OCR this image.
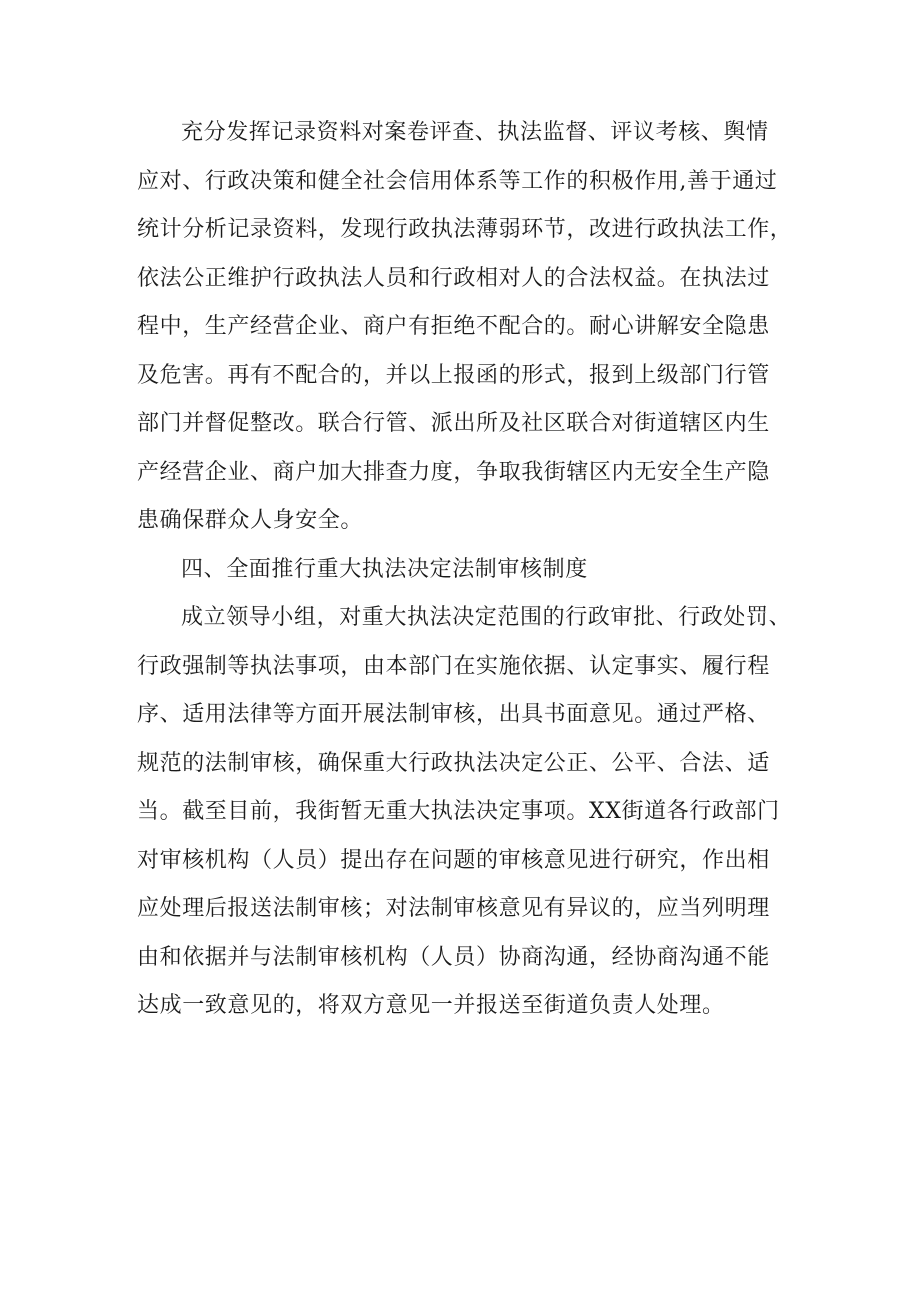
充分发挥记录资料对案卷评查、执法监督、评议考核、舆情
应对、行政决策和健全社会信用体系等工作的积极作用,善于通过
统计分析记录资料，发现行政执法薄弱环节，改进行政执法工作，
依法公正维护行政执法人员和行政相对人的合法权益。在执法过
程中，生产经营企业、商户有拒绝不配合的。耐心讲解安全隐患
及危害。再有不配合的，并以上报函的形式，报到上级部门行管
部门并督促整改。联合行管、派出所及社区联合对街道辖区内生
产经营企业、商户加大排查力度，争取我街辖区内无安全生产隐
患确保群众人身安全。
四、全面推行重大执法决定法制审核制度
成立领导小组，对重大执法决定范围的行政审批、行政处罚、
行政强制等执法事项，由本部门在实施依据、认定事实、履行程
序、适用法律等方面开展法制审核，出具书面意见。通过严格、
规范的法制审核，确保重大行政执法决定公正、公平、合法、适
当。截至目前，我街暂无重大执法决定事项。XX街道各行政部门
对审核机构（人员）提出存在问题的审核意见进行研究，作出相
应处理后报送法制审核；对法制审核意见有异议的，应当列明理
由和依据并与法制审核机构（人员）协商沟通，经协商沟通不能
达成一致意见的，将双方意见一并报送至街道负责人处理。
